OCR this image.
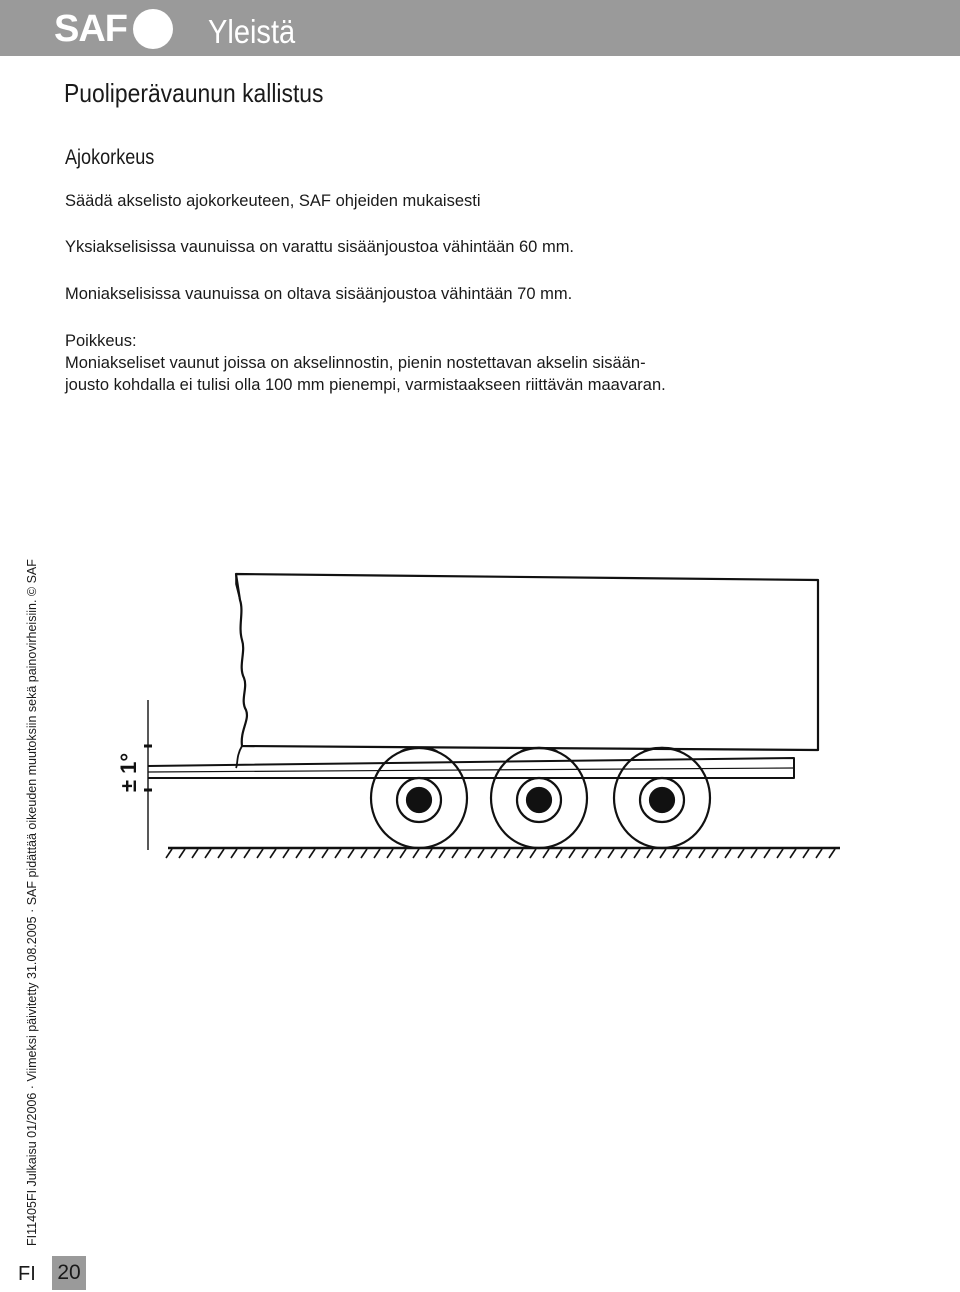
SAF Yleistä
Puoliperävaunun kallistus
Ajokorkeus
Säädä akselisto ajokorkeuteen, SAF ohjeiden mukaisesti
Yksiakselisissa vaunuissa on varattu sisäänjoustoa vähintään 60 mm.
Moniakselisissa vaunuissa on oltava sisäänjoustoa vähintään 70 mm.
Poikkeus:
Moniakseliset vaunut joissa on akselinnostin, pienin nostettavan akselin sisään-
jousto kohdalla ei tulisi olla 100 mm pienempi, varmistaakseen riittävän maavaran.
± 1°
FI11405FI Julkaisu 01/2006 · Viimeksi päivitetty 31.08.2005 · SAF pidättää oikeuden muutoksiin sekä painovirheisiin. © SAF
FI 20
